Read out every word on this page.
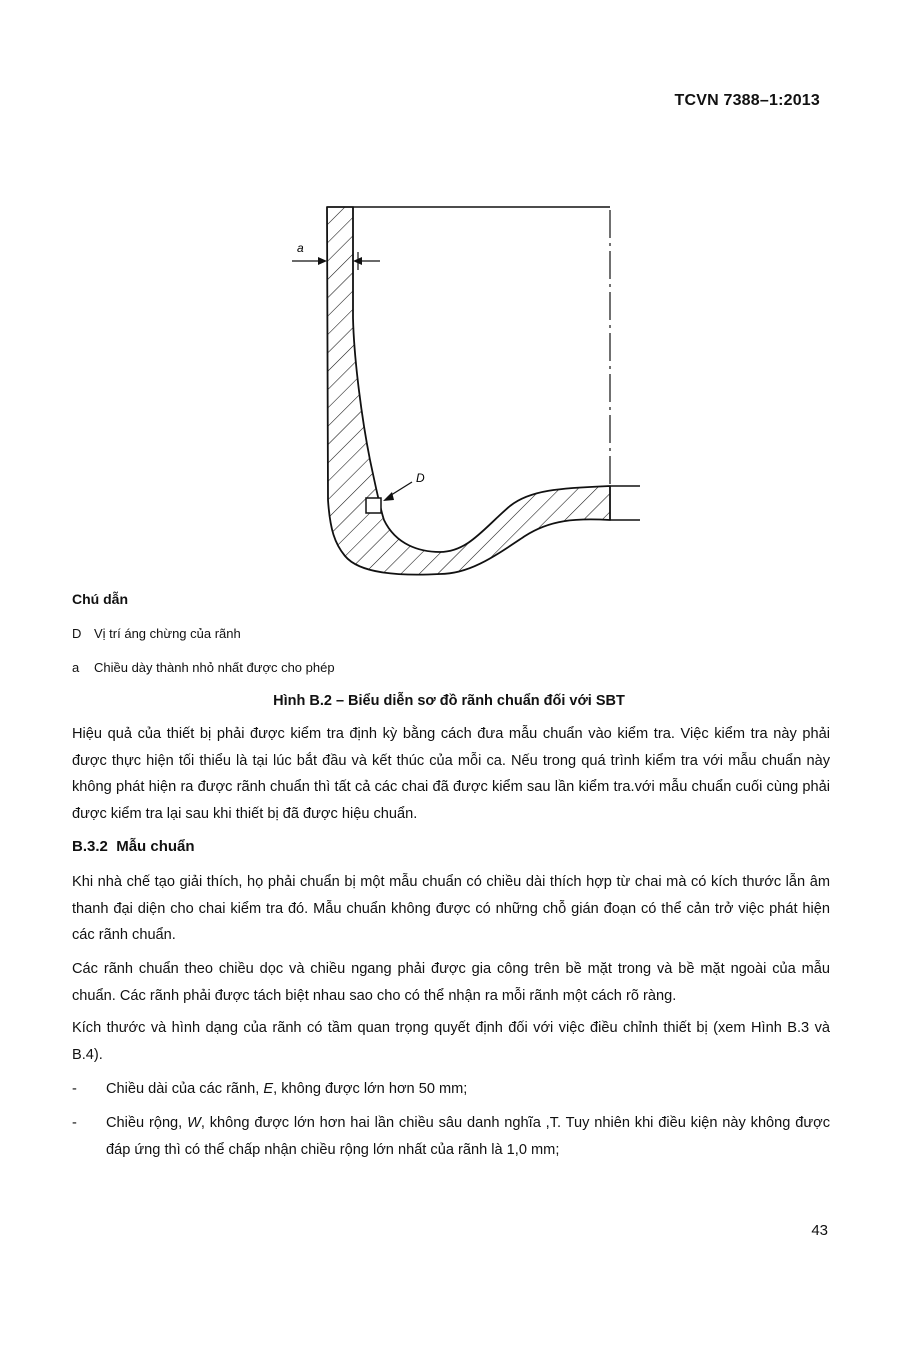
TCVN 7388–1:2013
a
D
Chú dẫn
D Vị trí áng chừng của rãnh
a Chiều dày thành nhỏ nhất được cho phép
Hình B.2 – Biểu diễn sơ đồ rãnh chuẩn đối với SBT

Hiệu quả của thiết bị phải được kiểm tra định kỳ bằng cách đưa mẫu chuẩn vào kiểm tra. Việc kiểm tra này phải được thực hiện tối thiểu là tại lúc bắt đầu và kết thúc của mỗi ca. Nếu trong quá trình kiểm tra với mẫu chuẩn này không phát hiện ra được rãnh chuẩn thì tất cả các chai đã được kiểm sau lần kiểm tra.với mẫu chuẩn cuối cùng phải được kiểm tra lại sau khi thiết bị đã được hiệu chuẩn.

B.3.2 Mẫu chuẩn

Khi nhà chế tạo giải thích, họ phải chuẩn bị một mẫu chuẩn có chiều dài thích hợp từ chai mà có kích thước lẫn âm thanh đại diện cho chai kiểm tra đó. Mẫu chuẩn không được có những chỗ gián đoạn có thể cản trở việc phát hiện các rãnh chuẩn.

Các rãnh chuẩn theo chiều dọc và chiều ngang phải được gia công trên bề mặt trong và bề mặt ngoài của mẫu chuẩn. Các rãnh phải được tách biệt nhau sao cho có thể nhận ra mỗi rãnh một cách rõ ràng.

Kích thước và hình dạng của rãnh có tầm quan trọng quyết định đối với việc điều chỉnh thiết bị (xem Hình B.3 và B.4).

- Chiều dài của các rãnh, E, không được lớn hơn 50 mm;
- Chiều rộng, W, không được lớn hơn hai lần chiều sâu danh nghĩa ,T. Tuy nhiên khi điều kiện này không được đáp ứng thì có thể chấp nhận chiều rộng lớn nhất của rãnh là 1,0 mm;
43
